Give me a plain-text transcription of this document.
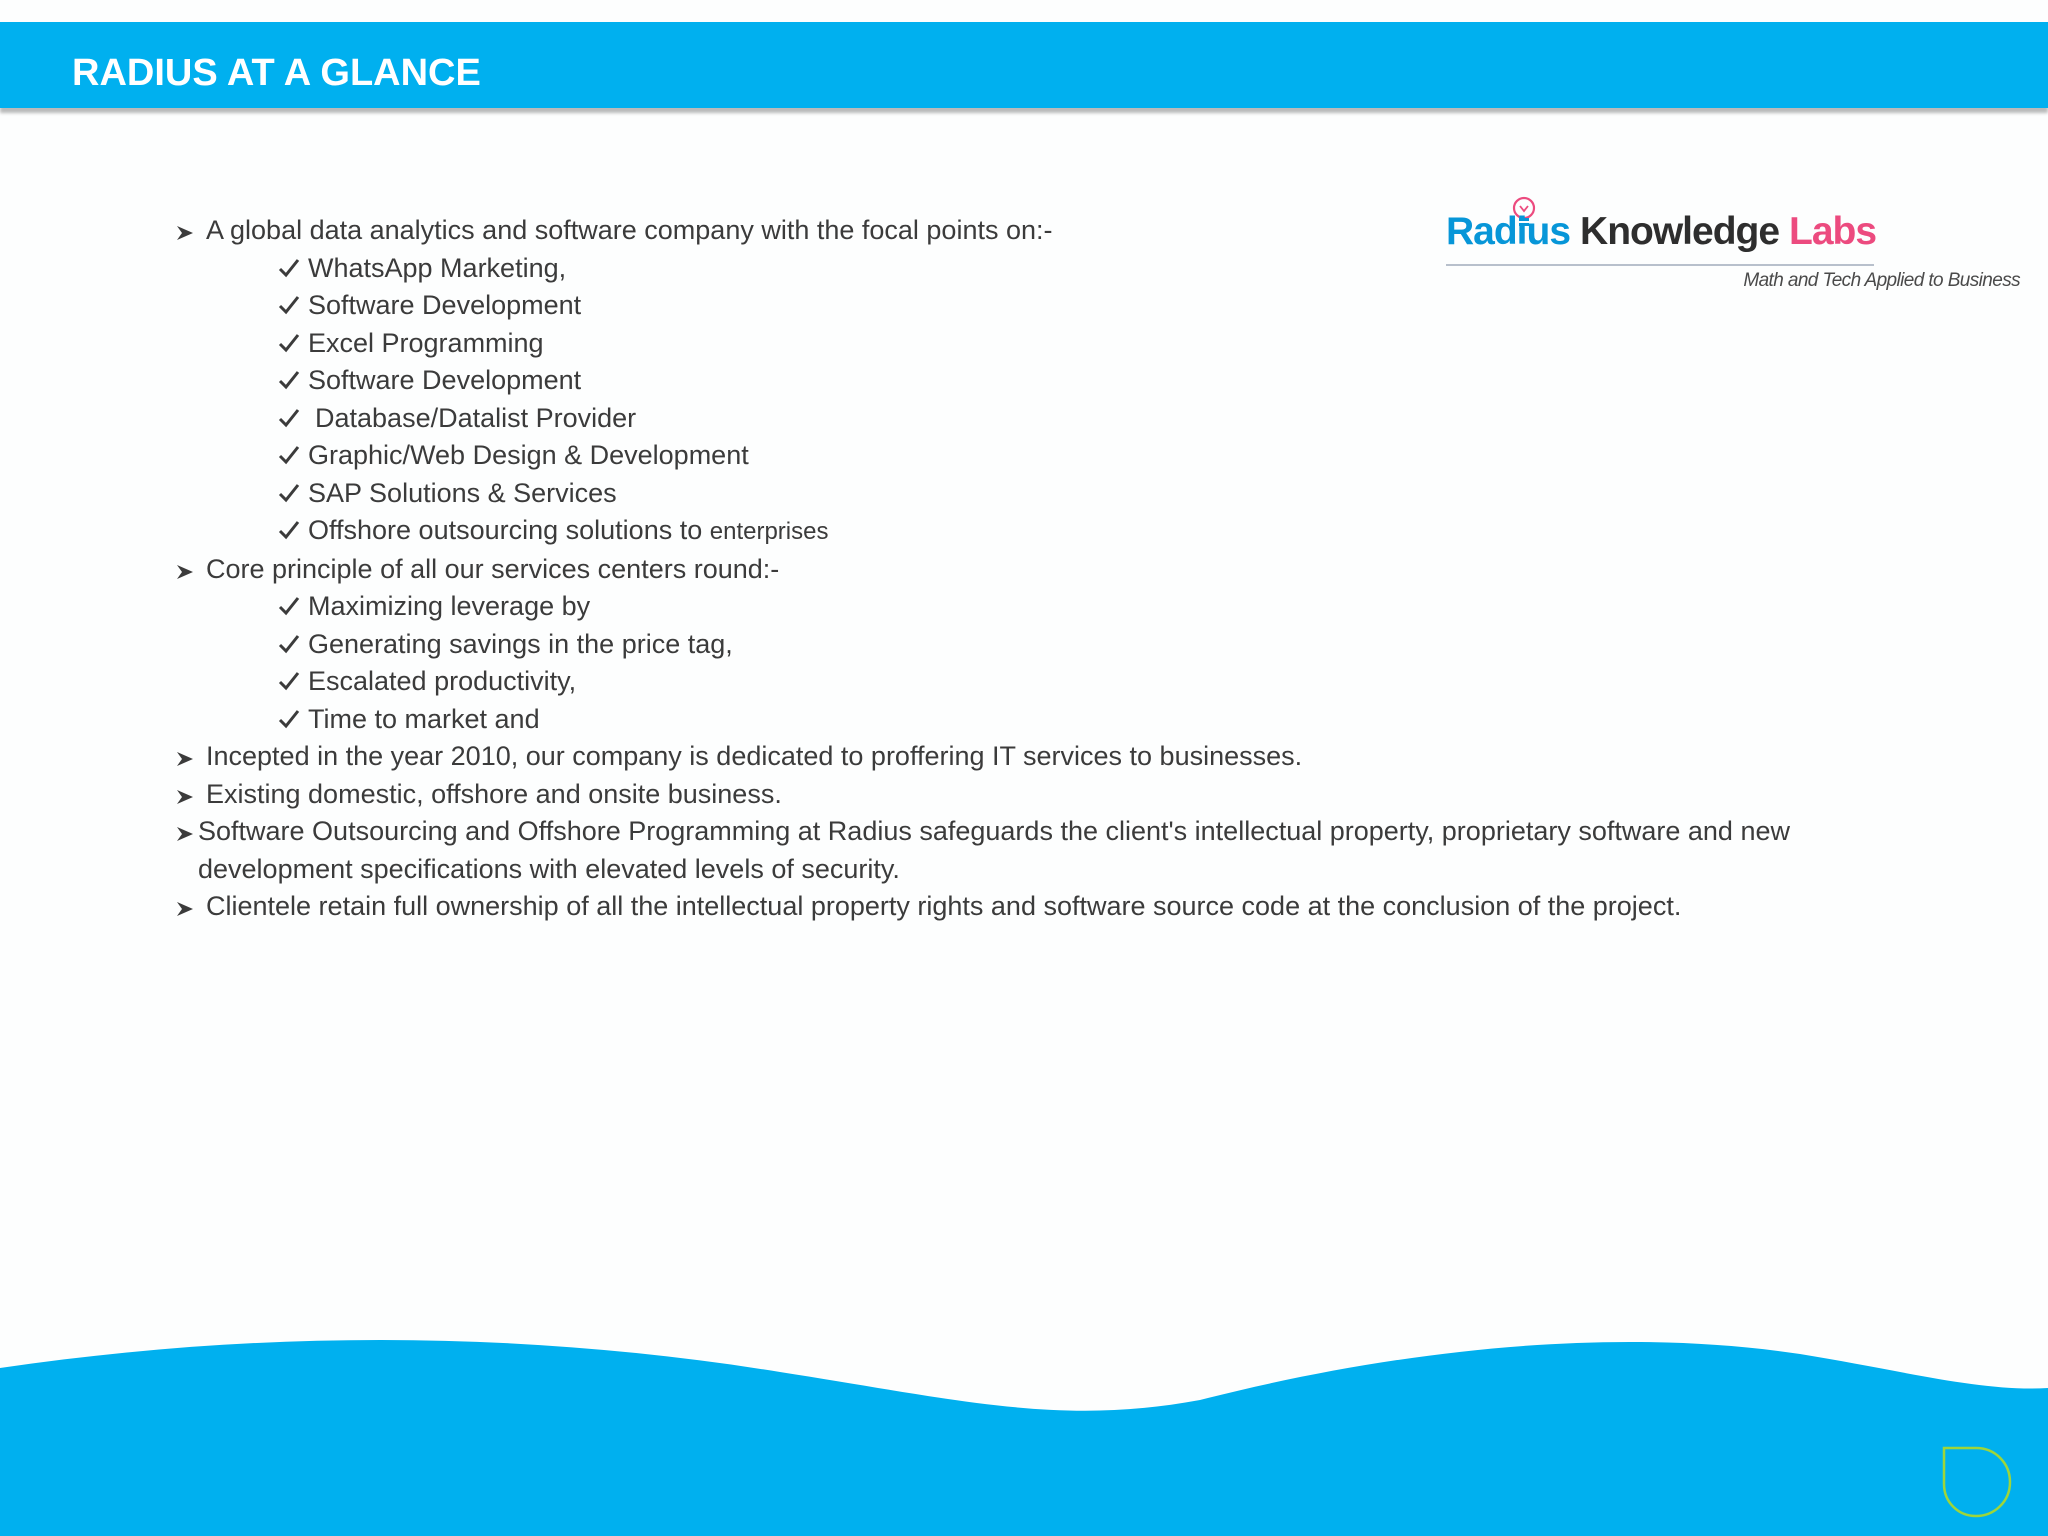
RADIUS AT A GLANCE
Radius Knowledge Labs
Math and Tech Applied to Business
A global data analytics and software company with the focal points on:-
WhatsApp Marketing,
Software Development
Excel Programming
Software Development
Database/Datalist Provider
Graphic/Web Design & Development
SAP Solutions & Services
Offshore outsourcing solutions to enterprises
Core principle of all our services centers round:-
Maximizing leverage by
Generating savings in the price tag,
Escalated productivity,
Time to market and
Incepted in the year 2010, our company is dedicated to proffering IT services to businesses.
Existing domestic, offshore and onsite business.
Software Outsourcing and Offshore Programming at Radius safeguards the client's intellectual property, proprietary software and new development specifications with elevated levels of security.
Clientele retain full ownership of all the intellectual property rights and software source code at the conclusion of the project.
